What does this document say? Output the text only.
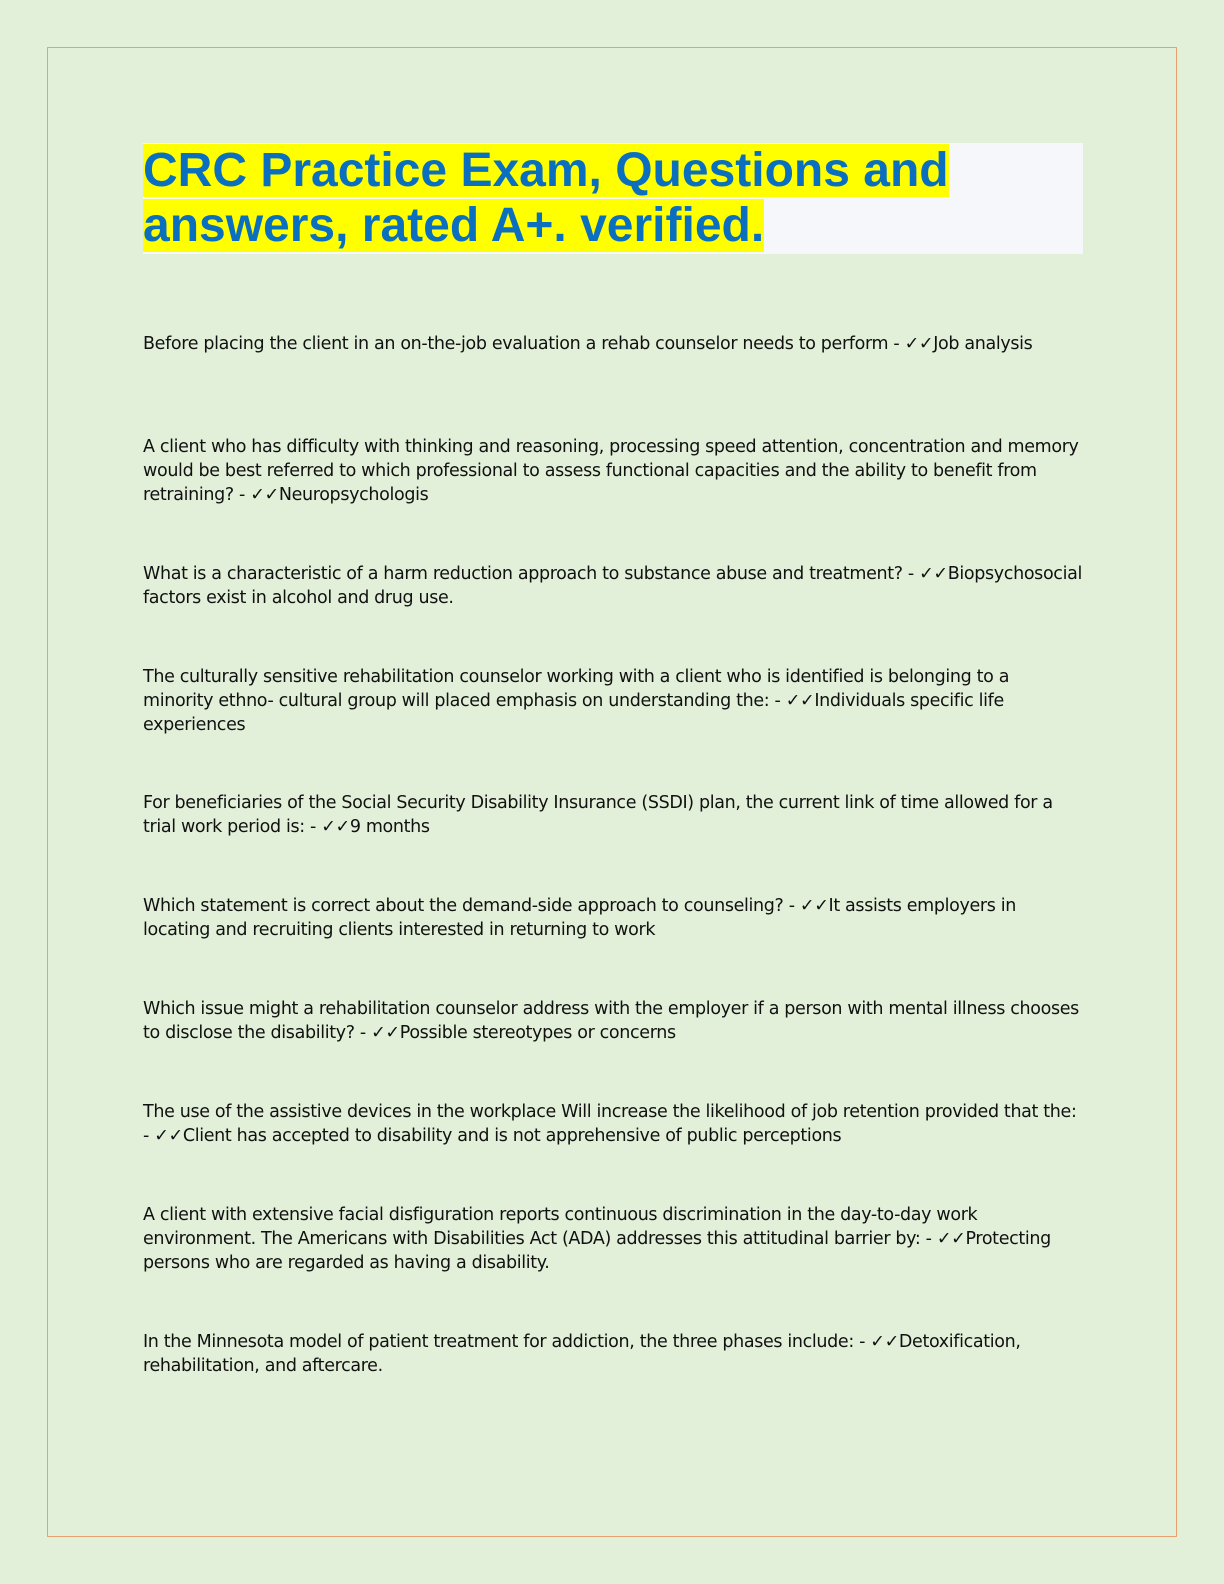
CRC Practice Exam, Questions and answers, rated A+. verified.

Before placing the client in an on-the-job evaluation a rehab counselor needs to perform - ✓✓Job analysis

A client who has difficulty with thinking and reasoning, processing speed attention, concentration and memory would be best referred to which professional to assess functional capacities and the ability to benefit from retraining? - ✓✓Neuropsychologis

What is a characteristic of a harm reduction approach to substance abuse and treatment? - ✓✓Biopsychosocial factors exist in alcohol and drug use.

The culturally sensitive rehabilitation counselor working with a client who is identified is belonging to a minority ethno- cultural group will placed emphasis on understanding the: - ✓✓Individuals specific life experiences

For beneficiaries of the Social Security Disability Insurance (SSDI) plan, the current link of time allowed for a trial work period is: - ✓✓9 months

Which statement is correct about the demand-side approach to counseling? - ✓✓It assists employers in locating and recruiting clients interested in returning to work

Which issue might a rehabilitation counselor address with the employer if a person with mental illness chooses to disclose the disability? - ✓✓Possible stereotypes or concerns

The use of the assistive devices in the workplace Will increase the likelihood of job retention provided that the: - ✓✓Client has accepted to disability and is not apprehensive of public perceptions

A client with extensive facial disfiguration reports continuous discrimination in the day-to-day work environment. The Americans with Disabilities Act (ADA) addresses this attitudinal barrier by: - ✓✓Protecting persons who are regarded as having a disability.

In the Minnesota model of patient treatment for addiction, the three phases include: - ✓✓Detoxification, rehabilitation, and aftercare.
